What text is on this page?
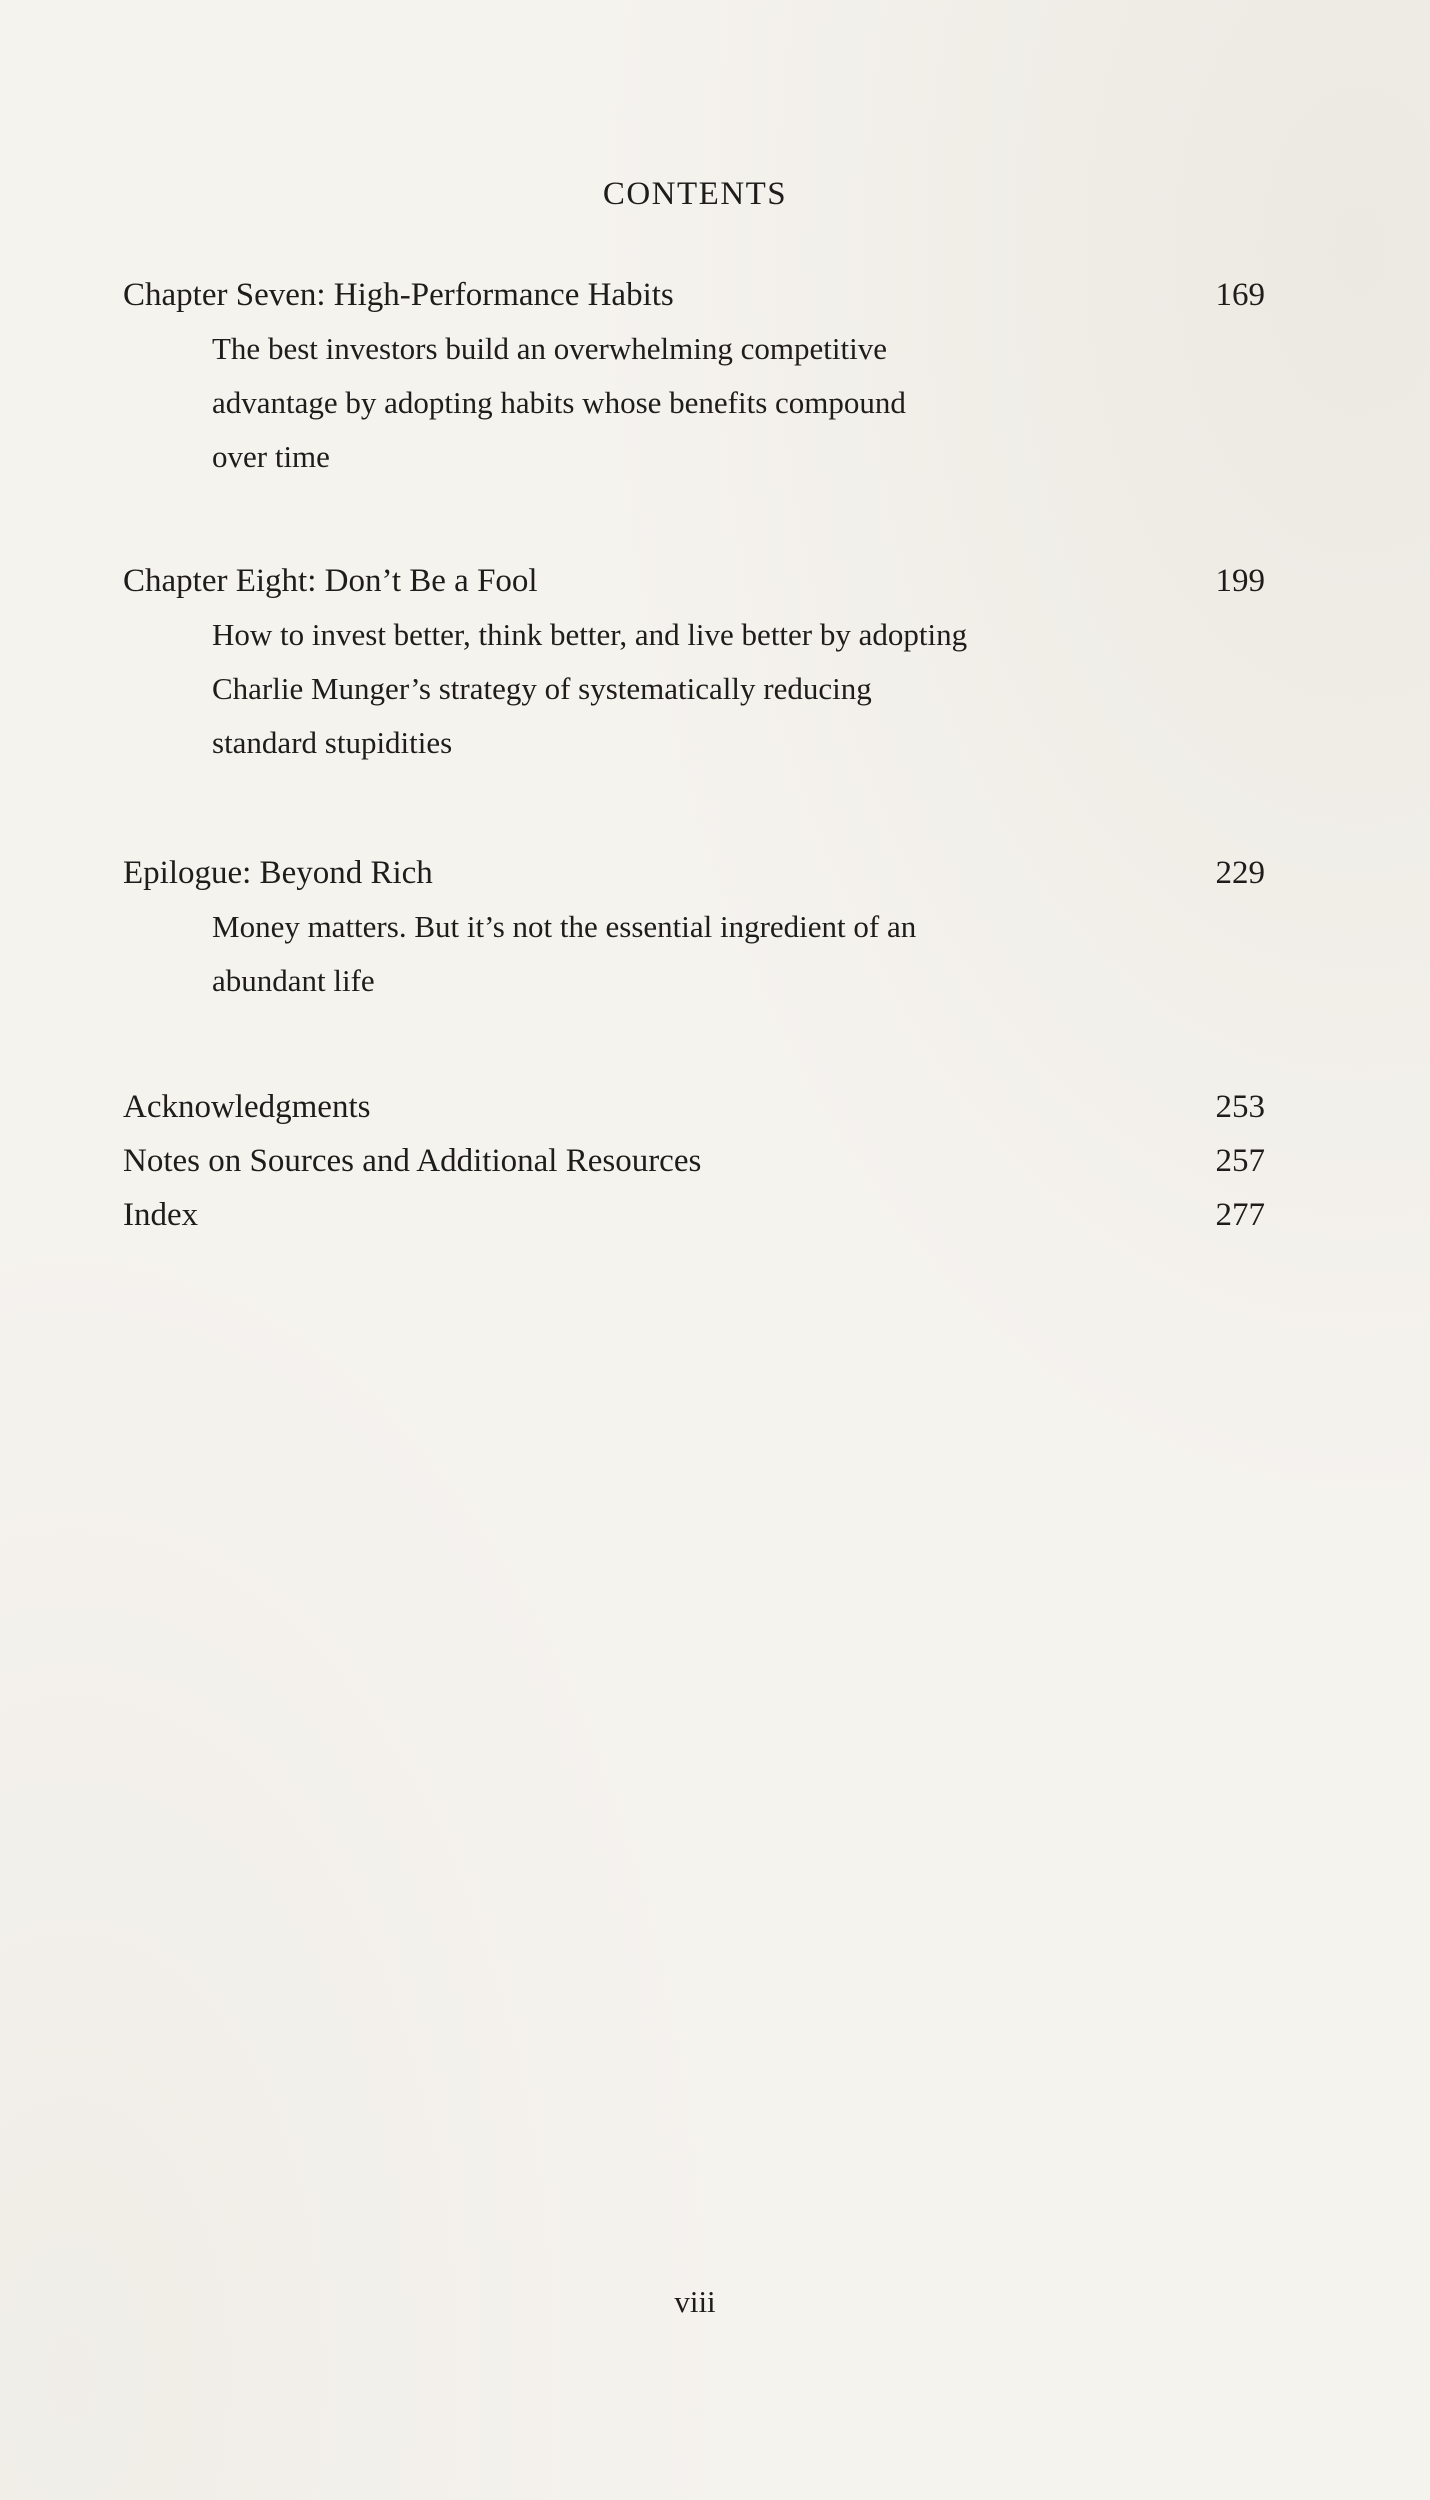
CONTENTS
Chapter Seven: High-Performance Habits	169
The best investors build an overwhelming competitive
advantage by adopting habits whose benefits compound
over time
Chapter Eight: Don’t Be a Fool	199
How to invest better, think better, and live better by adopting
Charlie Munger’s strategy of systematically reducing
standard stupidities
Epilogue: Beyond Rich	229
Money matters. But it’s not the essential ingredient of an
abundant life
Acknowledgments	253
Notes on Sources and Additional Resources	257
Index	277
viii
